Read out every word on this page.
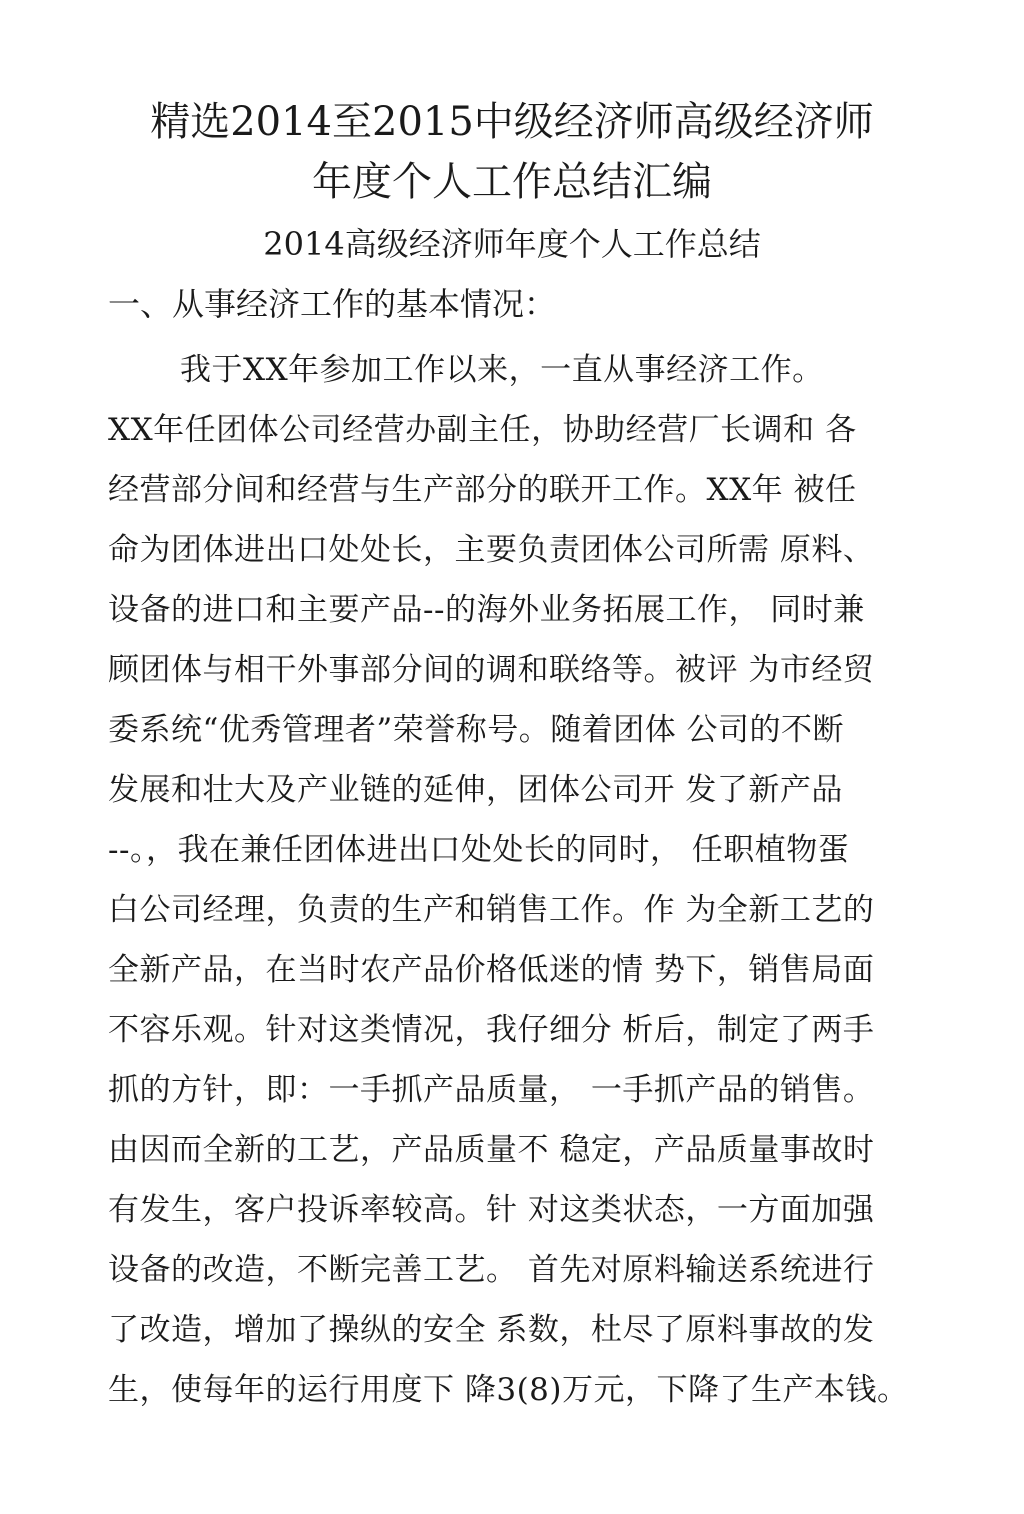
精选2014至2015中级经济师高级经济师
年度个人工作总结汇编
2014高级经济师年度个人工作总结
一、从事经济工作的基本情况：
我于XX年参加工作以来，一直从事经济工作。
XX年任团体公司经营办副主任，协助经营厂长调和 各
经营部分间和经营与生产部分的联开工作。XX年 被任
命为团体进出口处处长，主要负责团体公司所需 原料、
设备的进口和主要产品--的海外业务拓展工作， 同时兼
顾团体与相干外事部分间的调和联络等。被评 为市经贸
委系统“优秀管理者”荣誉称号。随着团体 公司的不断
发展和壮大及产业链的延伸，团体公司开 发了新产品
--。，我在兼任团体进出口处处长的同时， 任职植物蛋
白公司经理，负责的生产和销售工作。作 为全新工艺的
全新产品，在当时农产品价格低迷的情 势下，销售局面
不容乐观。针对这类情况，我仔细分 析后，制定了两手
抓的方针，即：一手抓产品质量， 一手抓产品的销售。
由因而全新的工艺，产品质量不 稳定，产品质量事故时
有发生，客户投诉率较高。针 对这类状态，一方面加强
设备的改造，不断完善工艺。 首先对原料输送系统进行
了改造，增加了操纵的安全 系数，杜尽了原料事故的发
生，使每年的运行用度下 降3(8)万元，下降了生产本钱。
